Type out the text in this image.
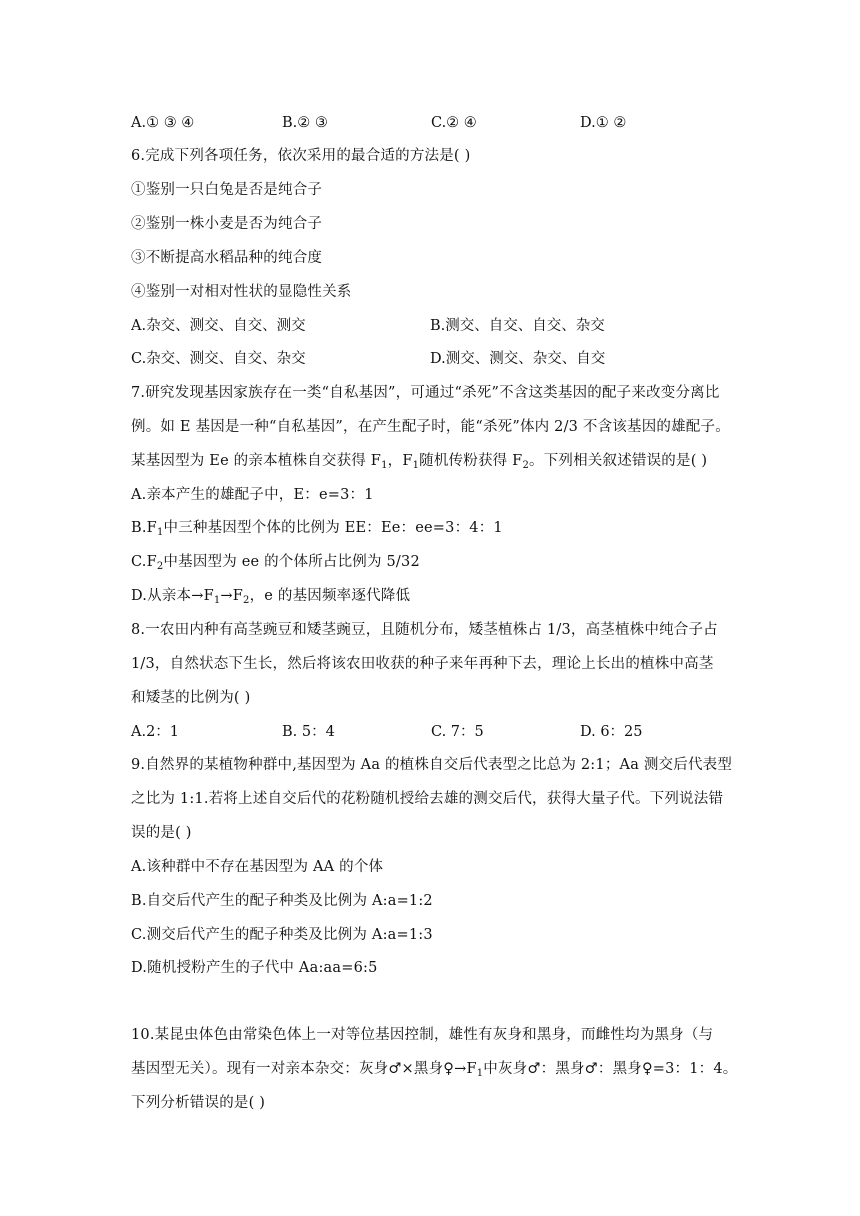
A.① ③ ④	B.② ③	C.② ④	D.① ②
6.完成下列各项任务，依次采用的最合适的方法是( )
①鉴别一只白兔是否是纯合子
②鉴别一株小麦是否为纯合子
③不断提高水稻品种的纯合度
④鉴别一对相对性状的显隐性关系
A.杂交、测交、自交、测交	B.测交、自交、自交、杂交
C.杂交、测交、自交、杂交	D.测交、测交、杂交、自交
7.研究发现基因家族存在一类“自私基因”，可通过“杀死”不含这类基因的配子来改变分离比
例。如 E 基因是一种“自私基因”，在产生配子时，能“杀死”体内 2/3 不含该基因的雄配子。
某基因型为 Ee 的亲本植株自交获得 $F_1$，$F_1$随机传粉获得 $F_2$。下列相关叙述错误的是( )
A.亲本产生的雄配子中，E：e=3：1
$B.F_1$中三种基因型个体的比例为 EE：Ee：ee=3：4：1
$C.F_2$中基因型为 ee 的个体所占比例为 5/32
D.从亲本$\to F_1\to F_2$，e 的基因频率逐代降低
8.一农田内种有高茎豌豆和矮茎豌豆，且随机分布，矮茎植株占 1/3，高茎植株中纯合子占
1/3，自然状态下生长，然后将该农田收获的种子来年再种下去，理论上长出的植株中高茎
和矮茎的比例为( )
A.2：1	B. 5：4	C. 7：5	D. 6：25
9.自然界的某植物种群中,基因型为 Aa 的植株自交后代表型之比总为 2:1；Aa 测交后代表型
之比为 1:1.若将上述自交后代的花粉随机授给去雄的测交后代，获得大量子代。下列说法错
误的是( )
A.该种群中不存在基因型为 AA 的个体
B.自交后代产生的配子种类及比例为 A:a=1:2
C.测交后代产生的配子种类及比例为 A:a=1:3
D.随机授粉产生的子代中 Aa:aa=6:5
10.某昆虫体色由常染色体上一对等位基因控制，雄性有灰身和黑身，而雌性均为黑身（与
基因型无关）。现有一对亲本杂交：灰身♂×黑身$♀\to F_1$中灰身♂：黑身♂：黑身♀=3：1：4。
下列分析错误的是( )
